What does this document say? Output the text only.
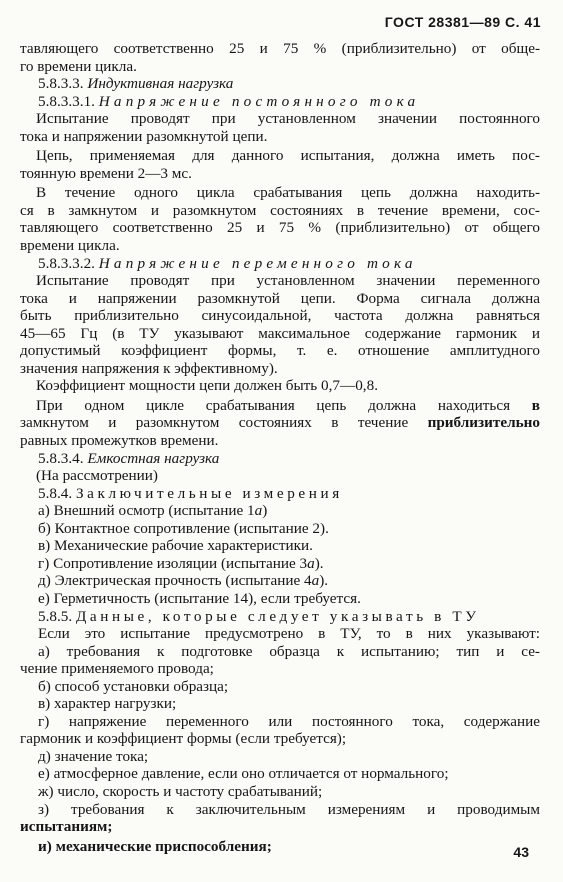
ГОСТ 28381—89 С. 41
тавляющего соответственно 25 и 75 % (приблизительно) от обще-
го времени цикла.
5.8.3.3. Индуктивная нагрузка
5.8.3.3.1. Напряжение постоянного тока
Испытание проводят при установленном значении постоянного
тока и напряжении разомкнутой цепи.
Цепь, применяемая для данного испытания, должна иметь пос-
тоянную времени 2—3 мс.
В течение одного цикла срабатывания цепь должна находить-
ся в замкнутом и разомкнутом состояниях в течение времени, сос-
тавляющего соответственно 25 и 75 % (приблизительно) от общего
времени цикла.
5.8.3.3.2. Напряжение переменного тока
Испытание проводят при установленном значении переменного
тока и напряжении разомкнутой цепи. Форма сигнала должна
быть приблизительно синусоидальной, частота должна равняться
45—65 Гц (в ТУ указывают максимальное содержание гармоник и
допустимый коэффициент формы, т. е. отношение амплитудного
значения напряжения к эффективному).
Коэффициент мощности цепи должен быть 0,7—0,8.
При одном цикле срабатывания цепь должна находиться в
замкнутом и разомкнутом состояниях в течение приблизительно
равных промежутков времени.
5.8.3.4. Емкостная нагрузка
(На рассмотрении)
5.8.4. Заключительные измерения
а) Внешний осмотр (испытание 1а)
б) Контактное сопротивление (испытание 2).
в) Механические рабочие характеристики.
г) Сопротивление изоляции (испытание 3а).
д) Электрическая прочность (испытание 4а).
е) Герметичность (испытание 14), если требуется.
5.8.5. Данные, которые следует указывать в ТУ
Если это испытание предусмотрено в ТУ, то в них указывают:
а) требования к подготовке образца к испытанию; тип и се-
чение применяемого провода;
б) способ установки образца;
в) характер нагрузки;
г) напряжение переменного или постоянного тока, содержание
гармоник и коэффициент формы (если требуется);
д) значение тока;
е) атмосферное давление, если оно отличается от нормального;
ж) число, скорость и частоту срабатываний;
з) требования к заключительным измерениям и проводимым
испытаниям;
и) механические приспособления;	43
